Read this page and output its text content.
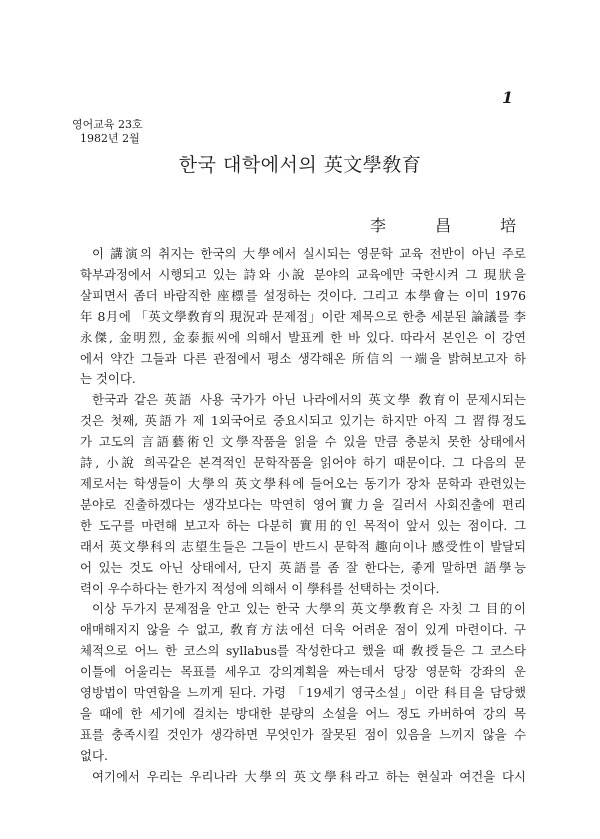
1
영어교육 23호
1982년 2월
한국 대학에서의 英文學敎育
李 昌 培
이 講演의 취지는 한국의 大學에서 실시되는 영문학 교육 전반이 아닌 주로
학부과정에서 시행되고 있는 詩와 小說 분야의 교육에만 국한시켜 그 現狀을
살피면서 좀더 바람직한 座標를 설정하는 것이다. 그리고 本學會는 이미 1976
年 8月에 「英文學敎育의 現況과 문제점」이란 제목으로 한층 세분된 論議를 李
永傑, 金明烈, 金泰振씨에 의해서 발표케 한 바 있다. 따라서 본인은 이 강연
에서 약간 그들과 다른 관점에서 평소 생각해온 所信의 一端을 밝혀보고자 하
는 것이다.
한국과 같은 英語 사용 국가가 아닌 나라에서의 英文學 敎育이 문제시되는
것은 첫째, 英語가 제 1외국어로 중요시되고 있기는 하지만 아직 그 習得정도
가 고도의 言語藝術인 文學작품을 읽을 수 있을 만큼 충분치 못한 상태에서
詩, 小說 희곡같은 본격적인 문학작품을 읽어야 하기 때문이다. 그 다음의 문
제로서는 학생들이 大學의 英文學科에 들어오는 동기가 장차 문학과 관련있는
분야로 진출하겠다는 생각보다는 막연히 영어實力을 길러서 사회진출에 편리
한 도구를 마련해 보고자 하는 다분히 實用的인 목적이 앞서 있는 점이다. 그
래서 英文學科의 志望生들은 그들이 반드시 문학적 趣向이나 感受性이 발달되
어 있는 것도 아닌 상태에서, 단지 英語를 좀 잘 한다는, 좋게 말하면 語學능
력이 우수하다는 한가지 적성에 의해서 이 學科를 선택하는 것이다.
이상 두가지 문제점을 안고 있는 한국 大學의 英文學敎育은 자칫 그 目的이
애매해지지 않을 수 없고, 敎育方法에선 더욱 어려운 점이 있게 마련이다. 구
체적으로 어느 한 코스의 syllabus를 작성한다고 했을 때 敎授들은 그 코스타
이틀에 어울리는 목표를 세우고 강의계획을 짜는데서 당장 영문학 강좌의 운
영방법이 막연함을 느끼게 된다. 가령 「19세기 영국소설」이란 科目을 담당했
을 때에 한 세기에 걸치는 방대한 분량의 소설을 어느 정도 카버하여 강의 목
표를 충족시킬 것인가 생각하면 무엇인가 잘못된 점이 있음을 느끼지 않을 수
없다.
여기에서 우리는 우리나라 大學의 英文學科라고 하는 현실과 여건을 다시
